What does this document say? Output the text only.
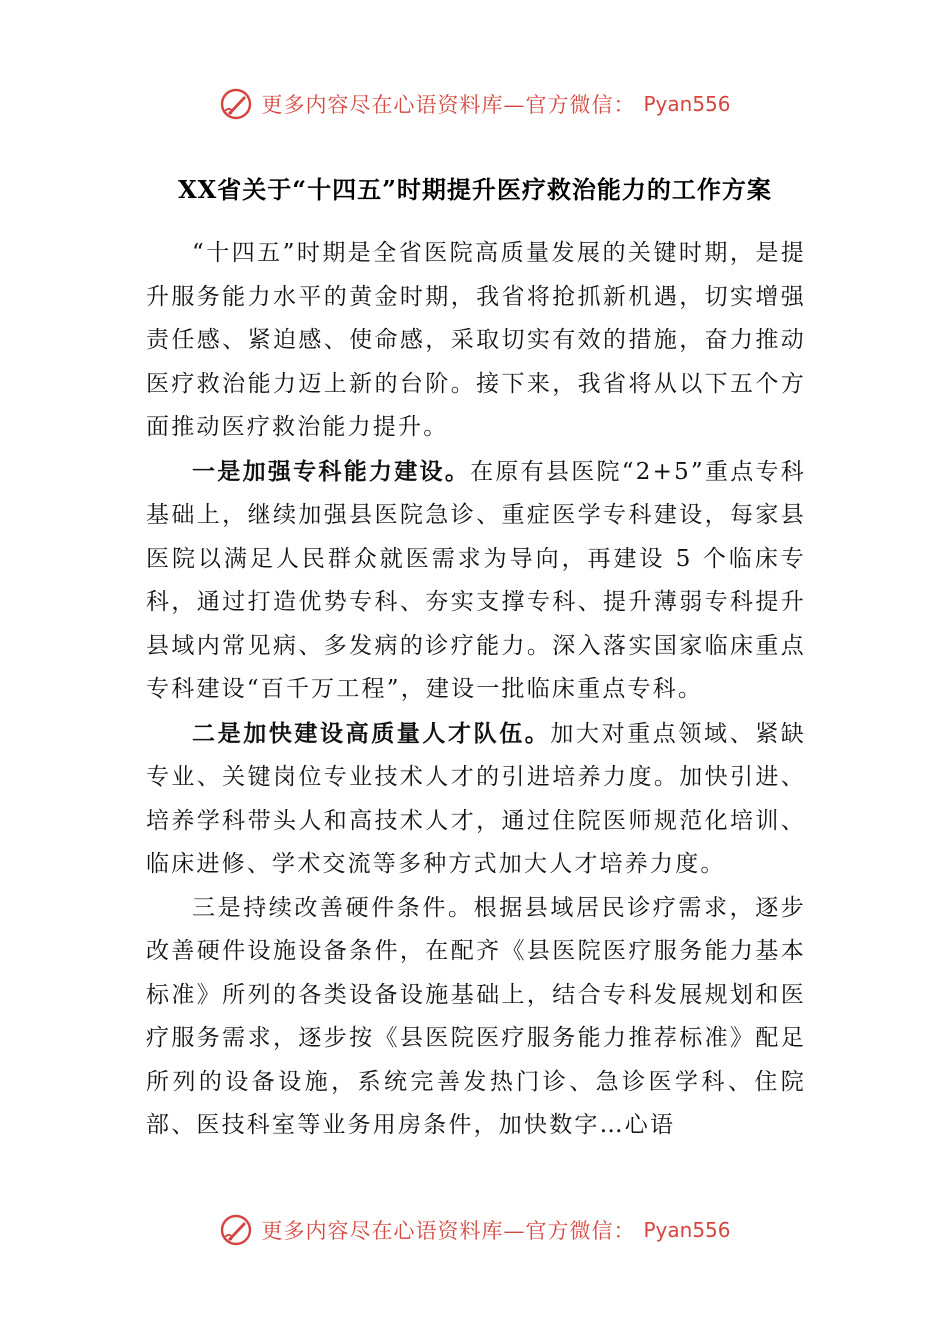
更多内容尽在心语资料库—官方微信： Pyan556
XX省关于“十四五”时期提升医疗救治能力的工作方案

“十四五”时期是全省医院高质量发展的关键时期，是提升服务能力水平的黄金时期，我省将抢抓新机遇，切实增强责任感、紧迫感、使命感，采取切实有效的措施，奋力推动医疗救治能力迈上新的台阶。接下来，我省将从以下五个方面推动医疗救治能力提升。

一是加强专科能力建设。在原有县医院“2+5”重点专科基础上，继续加强县医院急诊、重症医学专科建设，每家县医院以满足人民群众就医需求为导向，再建设 5 个临床专科，通过打造优势专科、夯实支撑专科、提升薄弱专科提升县域内常见病、多发病的诊疗能力。深入落实国家临床重点专科建设“百千万工程”，建设一批临床重点专科。

二是加快建设高质量人才队伍。加大对重点领域、紧缺专业、关键岗位专业技术人才的引进培养力度。加快引进、培养学科带头人和高技术人才，通过住院医师规范化培训、临床进修、学术交流等多种方式加大人才培养力度。

三是持续改善硬件条件。根据县域居民诊疗需求，逐步改善硬件设施设备条件，在配齐《县医院医疗服务能力基本标准》所列的各类设备设施基础上，结合专科发展规划和医疗服务需求，逐步按《县医院医疗服务能力推荐标准》配足所列的设备设施，系统完善发热门诊、急诊医学科、住院部、医技科室等业务用房条件，加快数字…心语

更多内容尽在心语资料库—官方微信： Pyan556
